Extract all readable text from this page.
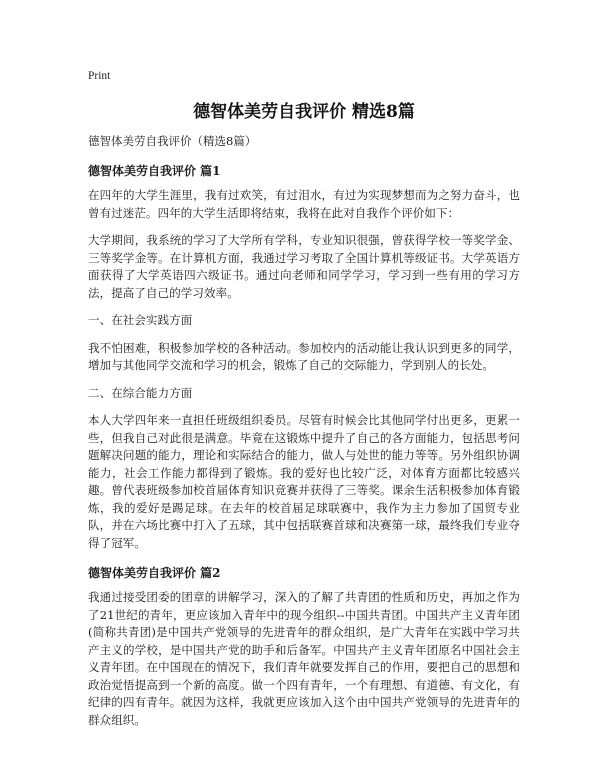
Print
德智体美劳自我评价 精选8篇

德智体美劳自我评价（精选8篇）

德智体美劳自我评价 篇1

在四年的大学生涯里，我有过欢笑，有过泪水，有过为实现梦想而为之努力奋斗，也曾有过迷茫。四年的大学生活即将结束，我将在此对自我作个评价如下：

大学期间，我系统的学习了大学所有学科，专业知识很强，曾获得学校一等奖学金、三等奖学金等。在计算机方面，我通过学习考取了全国计算机等级证书。大学英语方面获得了大学英语四六级证书。通过向老师和同学学习，学习到一些有用的学习方法，提高了自己的学习效率。

一、在社会实践方面

我不怕困难，积极参加学校的各种活动。参加校内的活动能让我认识到更多的同学，增加与其他同学交流和学习的机会，锻炼了自己的交际能力，学到别人的长处。

二、在综合能力方面

本人大学四年来一直担任班级组织委员。尽管有时候会比其他同学付出更多，更累一些，但我自己对此很是满意。毕竟在这锻炼中提升了自己的各方面能力，包括思考问题解决问题的能力，理论和实际结合的能力，做人与处世的能力等等。另外组织协调能力，社会工作能力都得到了锻炼。我的爱好也比较广泛，对体育方面都比较感兴趣。曾代表班级参加校首届体育知识竞赛并获得了三等奖。课余生活积极参加体育锻炼，我的爱好是踢足球。在去年的校首届足球联赛中，我作为主力参加了国贸专业队，并在六场比赛中打入了五球，其中包括联赛首球和决赛第一球，最终我们专业夺得了冠军。

德智体美劳自我评价 篇2

我通过接受团委的团章的讲解学习，深入的了解了共青团的性质和历史，再加之作为了21世纪的青年，更应该加入青年中的现今组织--中国共青团。中国共产主义青年团(简称共青团)是中国共产党领导的先进青年的群众组织，是广大青年在实践中学习共产主义的学校，是中国共产党的助手和后备军。中国共产主义青年团原名中国社会主义青年团。在中国现在的情况下，我们青年就要发挥自己的作用，要把自己的思想和政治觉悟提高到一个新的高度。做一个四有青年，一个有理想、有道德、有文化，有纪律的四有青年。就因为这样，我就更应该加入这个由中国共产党领导的先进青年的群众组织。
